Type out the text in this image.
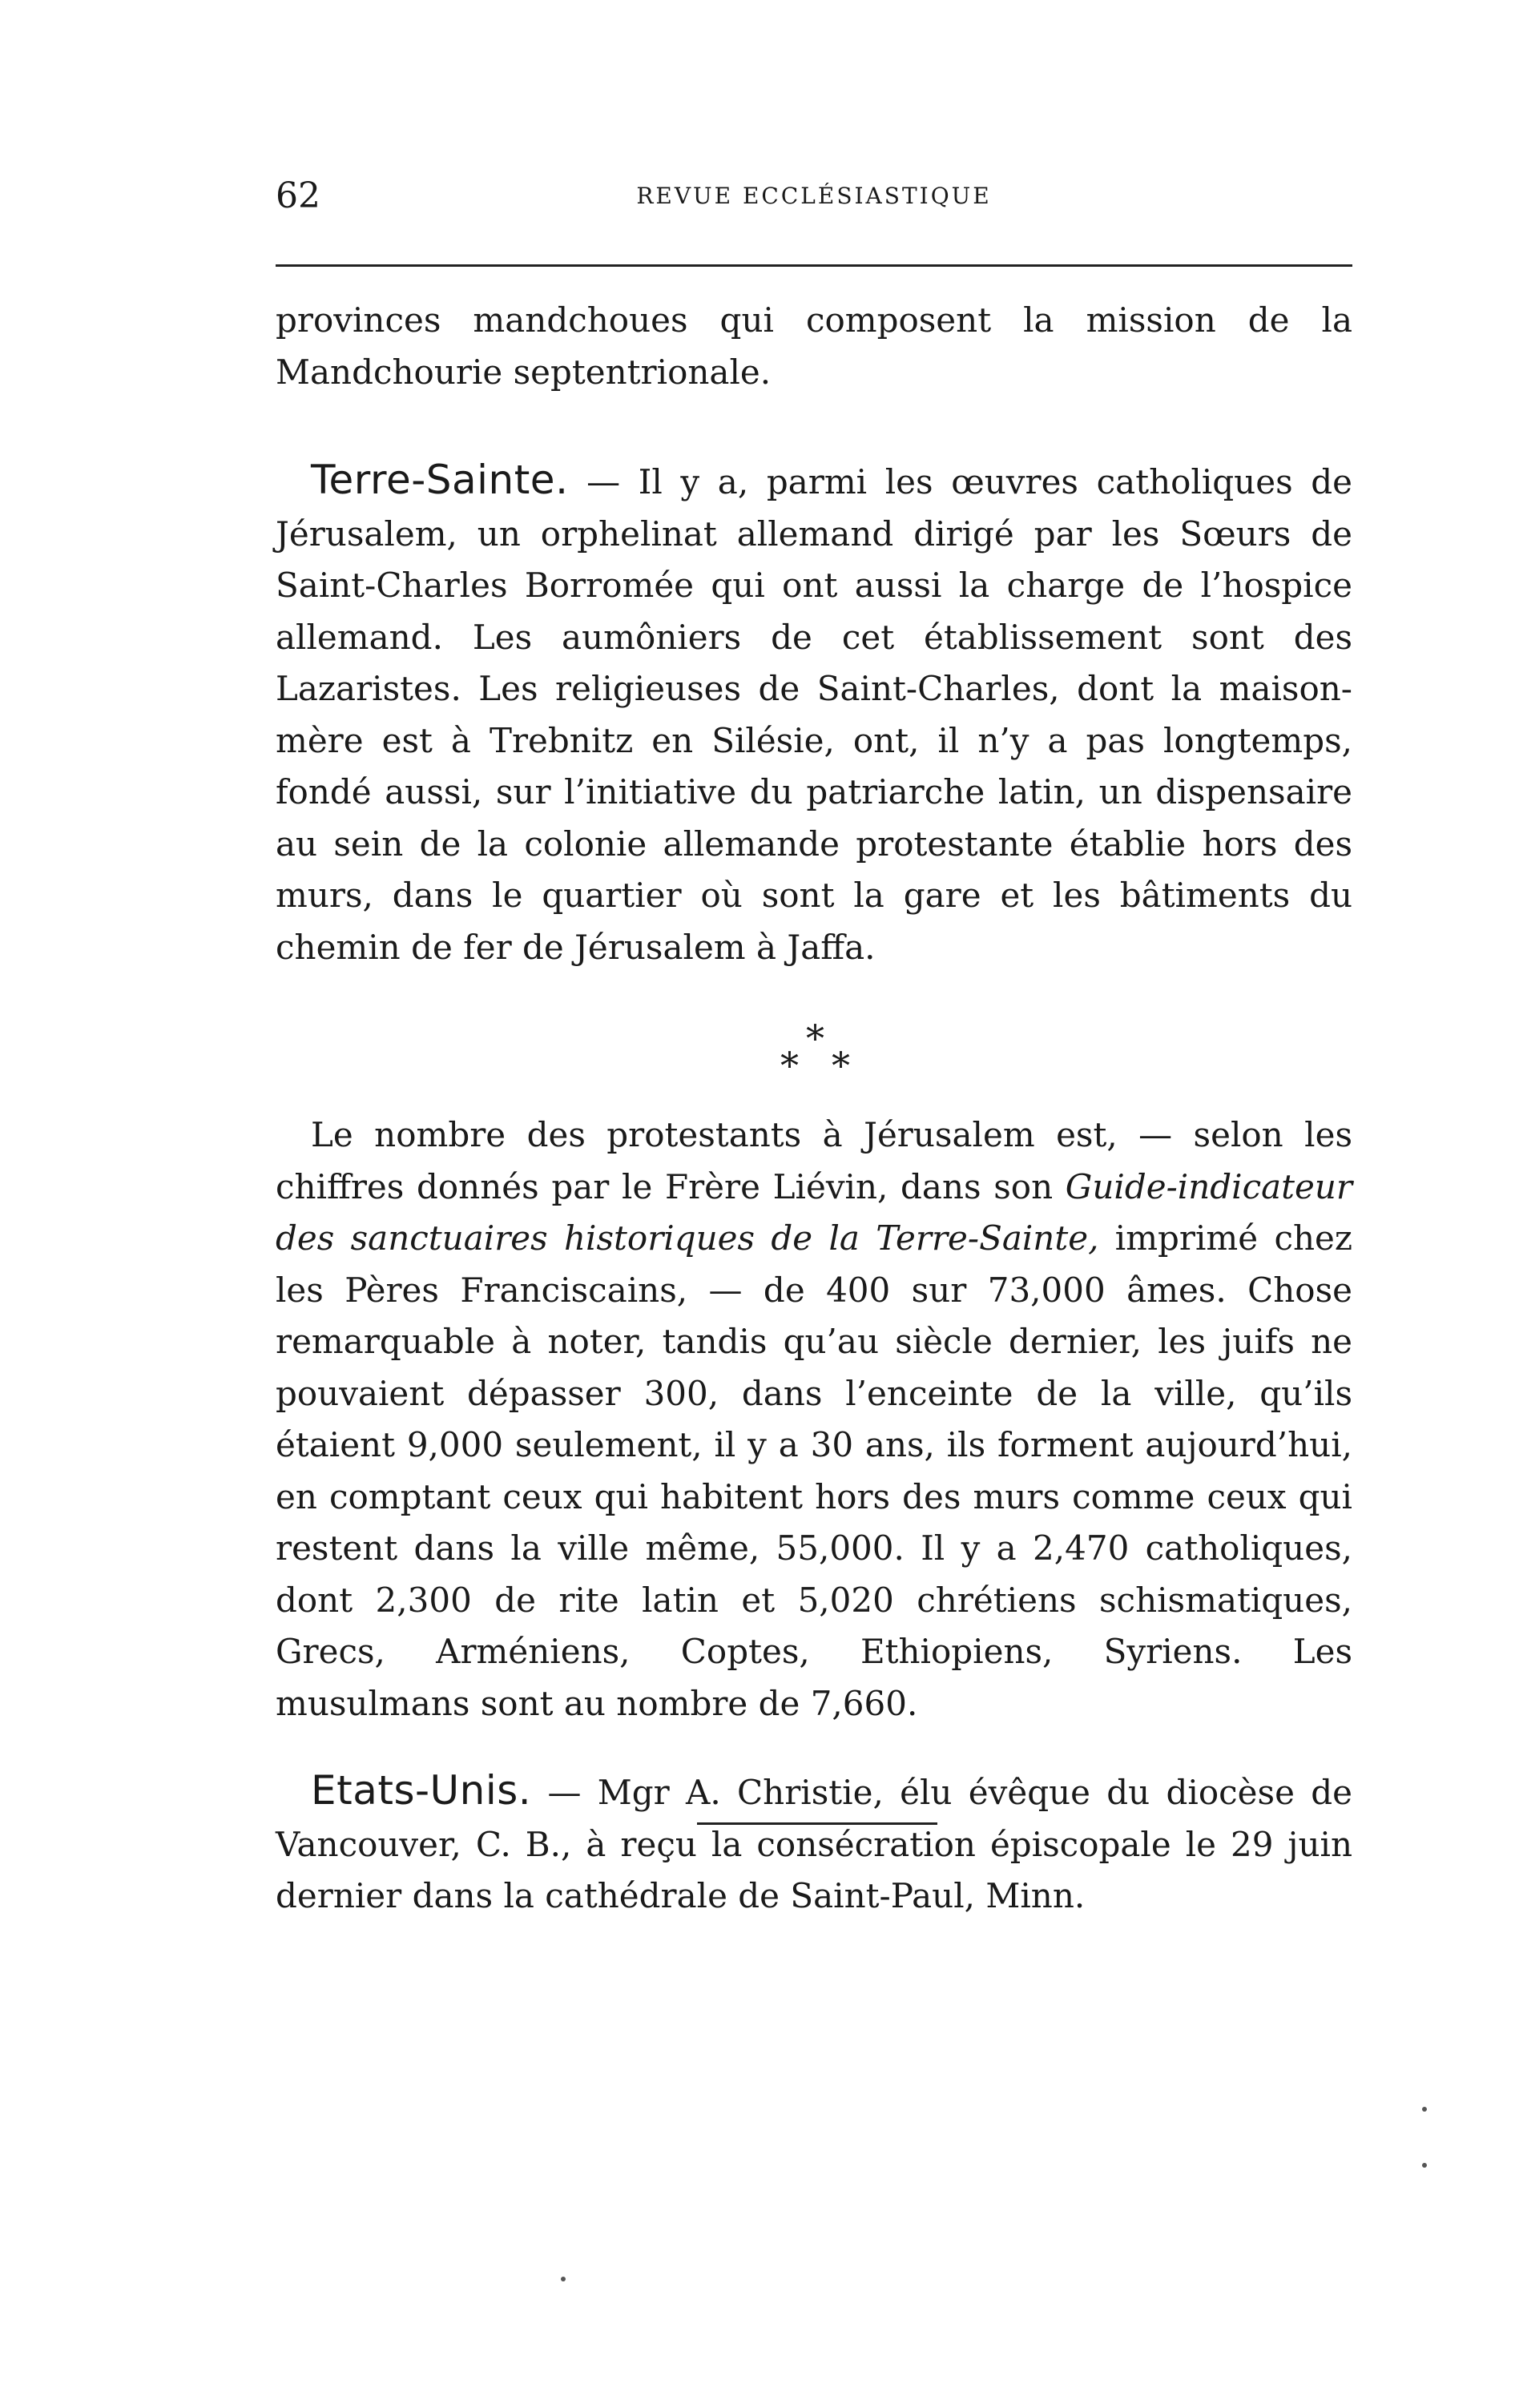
62	REVUE ECCLÉSIASTIQUE

provinces mandchoues qui composent la mission de la Mandchourie septentrionale.

Terre-Sainte. — Il y a, parmi les œuvres catholiques de Jérusalem, un orphelinat allemand dirigé par les Sœurs de Saint-Charles Borromée qui ont aussi la charge de l’hospice allemand. Les aumôniers de cet établissement sont des Lazaristes. Les religieuses de Saint-Charles, dont la maison-mère est à Trebnitz en Silésie, ont, il n’y a pas longtemps, fondé aussi, sur l’initiative du patriarche latin, un dispensaire au sein de la colonie allemande protestante établie hors des murs, dans le quartier où sont la gare et les bâtiments du chemin de fer de Jérusalem à Jaffa.

*
* *

Le nombre des protestants à Jérusalem est, — selon les chiffres donnés par le Frère Liévin, dans son Guide-indicateur des sanctuaires historiques de la Terre-Sainte, imprimé chez les Pères Franciscains, — de 400 sur 73,000 âmes. Chose remarquable à noter, tandis qu’au siècle dernier, les juifs ne pouvaient dépasser 300, dans l’enceinte de la ville, qu’ils étaient 9,000 seulement, il y a 30 ans, ils forment aujourd’hui, en comptant ceux qui habitent hors des murs comme ceux qui restent dans la ville même, 55,000. Il y a 2,470 catholiques, dont 2,300 de rite latin et 5,020 chrétiens schismatiques, Grecs, Arméniens, Coptes, Ethiopiens, Syriens. Les musulmans sont au nombre de 7,660.

Etats-Unis. — Mgr A. Christie, élu évêque du diocèse de Vancouver, C. B., à reçu la consécration épiscopale le 29 juin dernier dans la cathédrale de Saint-Paul, Minn.
